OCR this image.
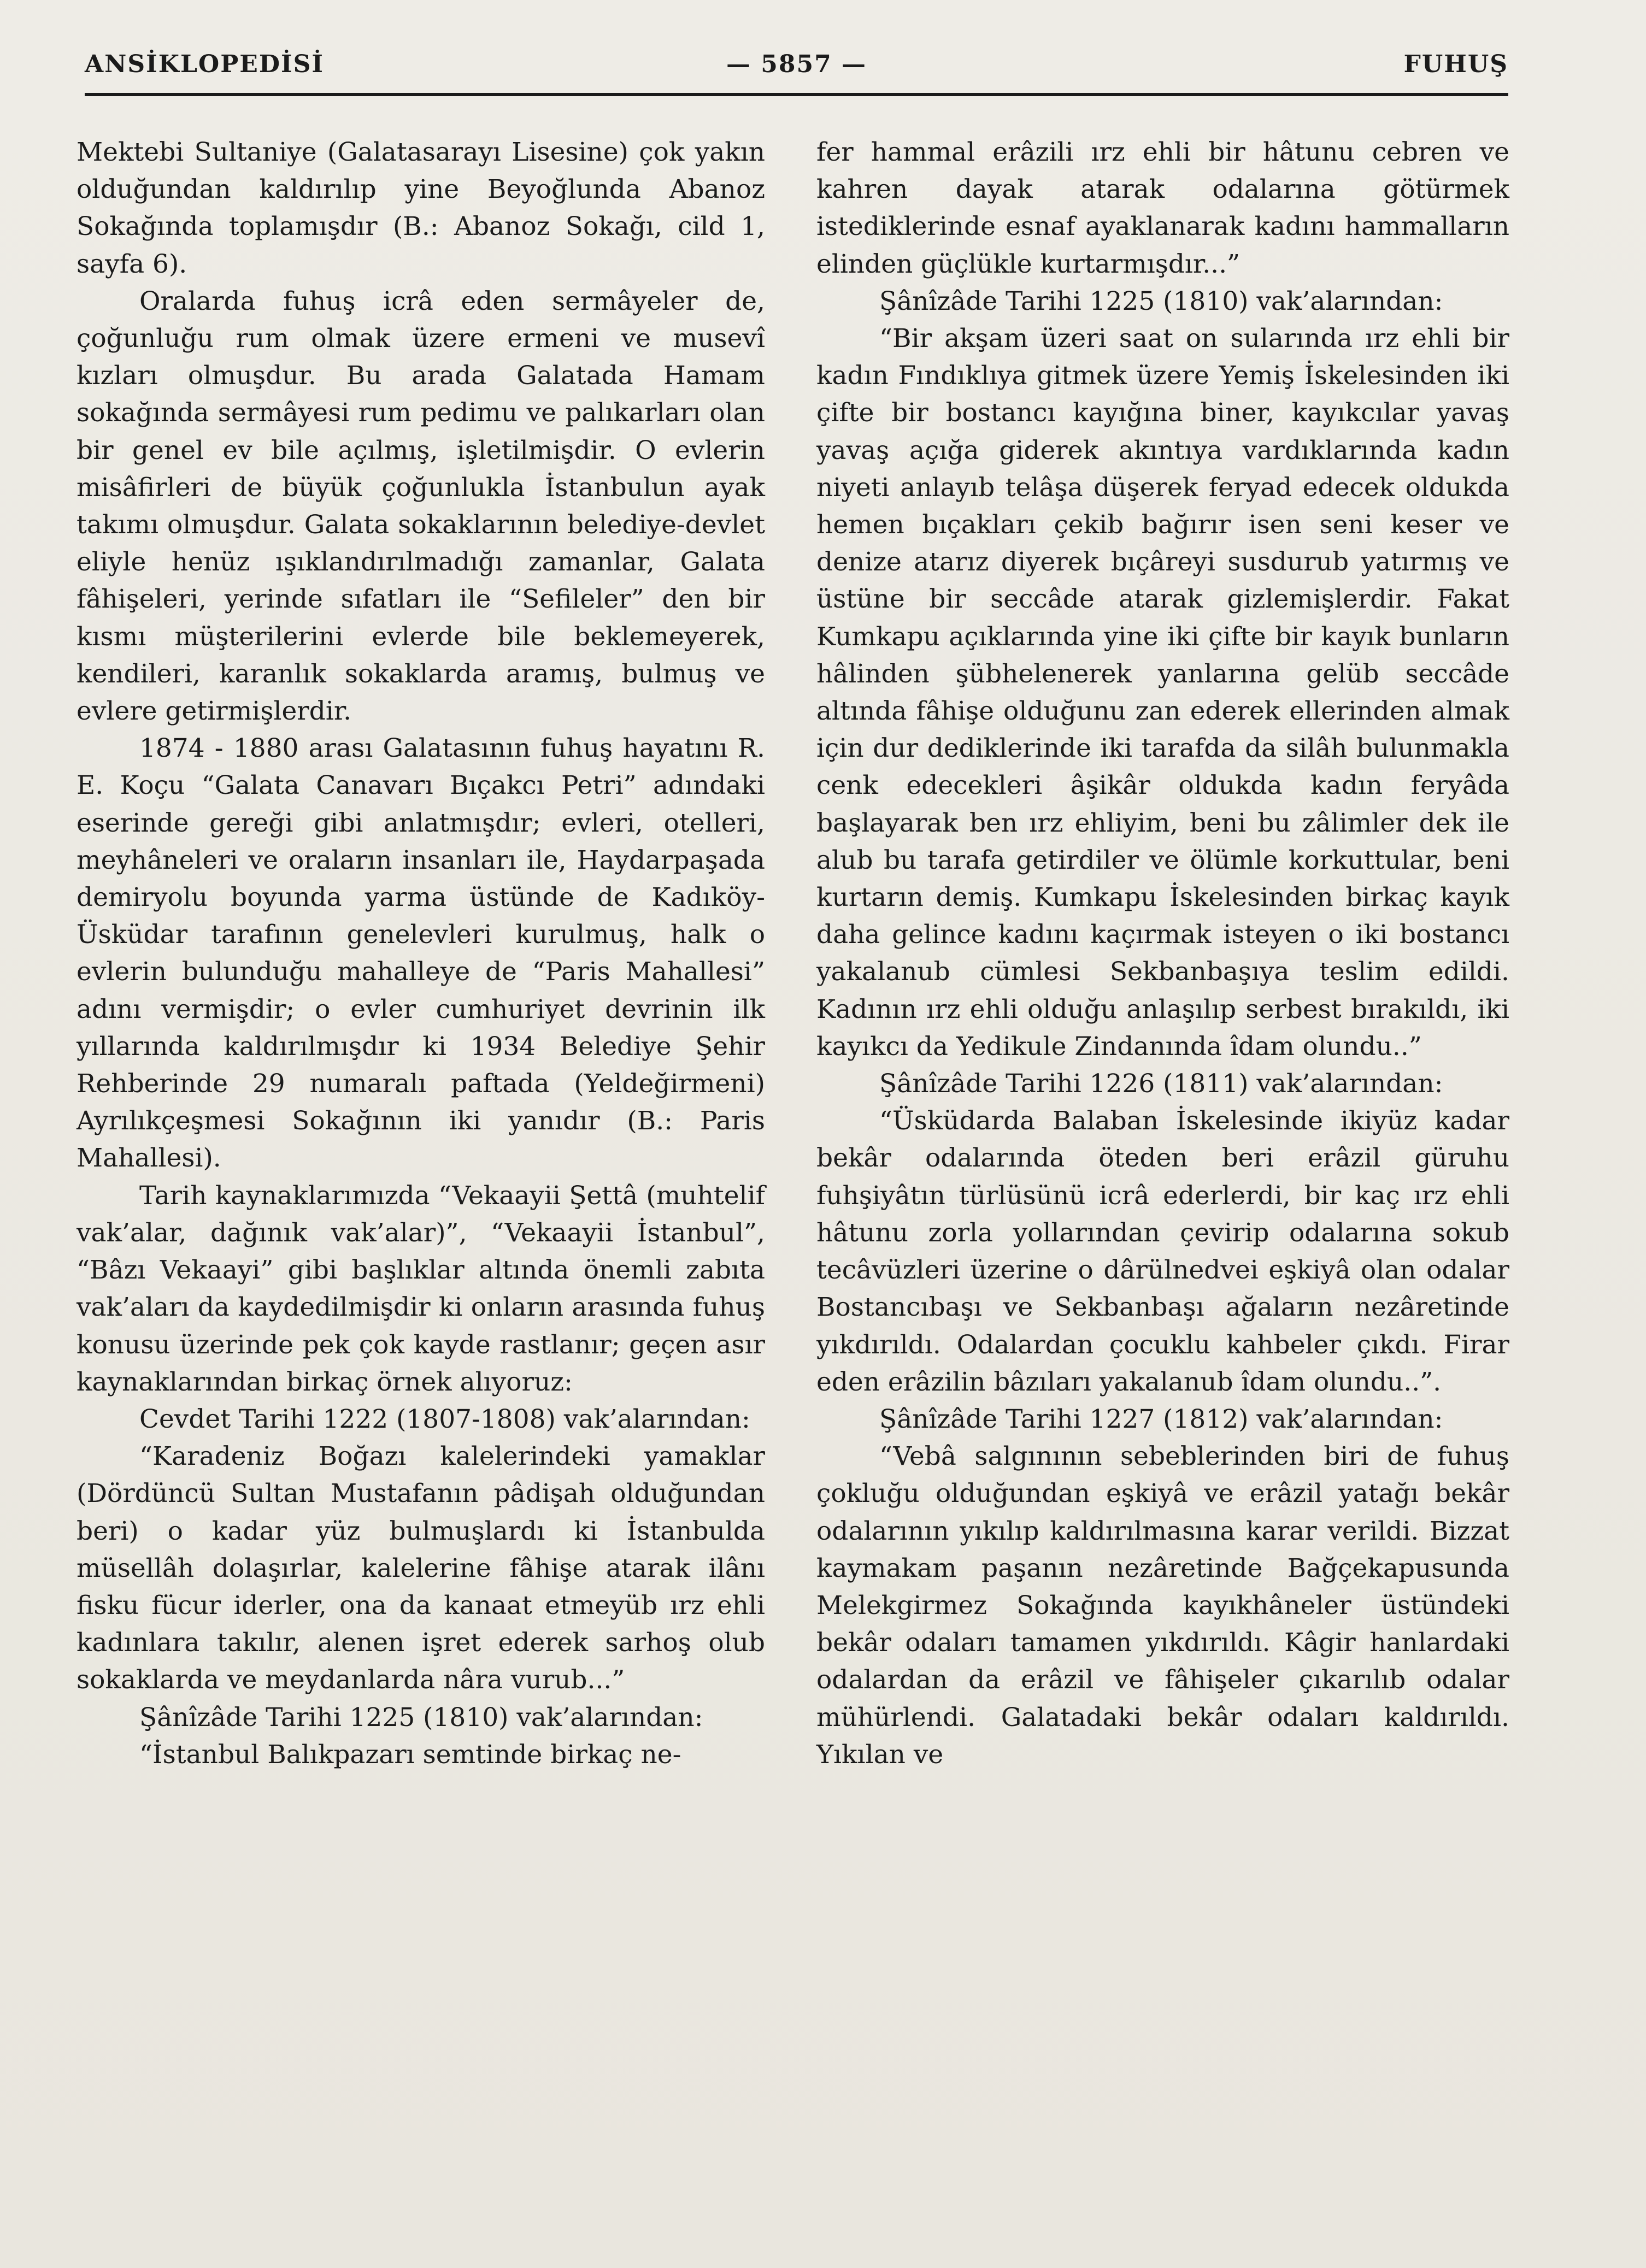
ANSİKLOPEDİSİ	— 5857 —	FUHUŞ

Mektebi Sultaniye (Galatasarayı Lisesine) çok yakın olduğundan kaldırılıp yine Beyoğlunda Abanoz Sokağında toplamışdır (B.: Abanoz Sokağı, cild 1, sayfa 6).

Oralarda fuhuş icrâ eden sermâyeler de, çoğunluğu rum olmak üzere ermeni ve musevî kızları olmuşdur. Bu arada Galatada Hamam sokağında sermâyesi rum pedimu ve palıkarları olan bir genel ev bile açılmış, işletilmişdir. O evlerin misâfirleri de büyük çoğunlukla İstanbulun ayak takımı olmuşdur. Galata sokaklarının belediye-devlet eliyle henüz ışıklandırılmadığı zamanlar, Galata fâhişeleri, yerinde sıfatları ile “Sefileler” den bir kısmı müşterilerini evlerde bile beklemeyerek, kendileri, karanlık sokaklarda aramış, bulmuş ve evlere getirmişlerdir.

1874 - 1880 arası Galatasının fuhuş hayatını R. E. Koçu “Galata Canavarı Bıçakcı Petri” adındaki eserinde gereği gibi anlatmışdır; evleri, otelleri, meyhâneleri ve oraların insanları ile, Haydarpaşada demiryolu boyunda yarma üstünde de Kadıköy-Üsküdar tarafının genelevleri kurulmuş, halk o evlerin bulunduğu mahalleye de “Paris Mahallesi” adını vermişdir; o evler cumhuriyet devrinin ilk yıllarında kaldırılmışdır ki 1934 Belediye Şehir Rehberinde 29 numaralı paftada (Yeldeğirmeni) Ayrılıkçeşmesi Sokağının iki yanıdır (B.: Paris Mahallesi).

Tarih kaynaklarımızda “Vekaayii Şettâ (muhtelif vak’alar, dağınık vak’alar)”, “Vekaayii İstanbul”, “Bâzı Vekaayi” gibi başlıklar altında önemli zabıta vak’aları da kaydedilmişdir ki onların arasında fuhuş konusu üzerinde pek çok kayde rastlanır; geçen asır kaynaklarından birkaç örnek alıyoruz:

Cevdet Tarihi 1222 (1807-1808) vak’alarından:

“Karadeniz Boğazı kalelerindeki yamaklar (Dördüncü Sultan Mustafanın pâdişah olduğundan beri) o kadar yüz bulmuşlardı ki İstanbulda müsellâh dolaşırlar, kalelerine fâhişe atarak ilânı fisku fücur iderler, ona da kanaat etmeyüb ırz ehli kadınlara takılır, alenen işret ederek sarhoş olub sokaklarda ve meydanlarda nâra vurub...”

Şânîzâde Tarihi 1225 (1810) vak’alarından:

“İstanbul Balıkpazarı semtinde birkaç ne-

fer hammal erâzili ırz ehli bir hâtunu cebren ve kahren dayak atarak odalarına götürmek istediklerinde esnaf ayaklanarak kadını hammalların elinden güçlükle kurtarmışdır...”

Şânîzâde Tarihi 1225 (1810) vak’alarından:

“Bir akşam üzeri saat on sularında ırz ehli bir kadın Fındıklıya gitmek üzere Yemiş İskelesinden iki çifte bir bostancı kayığına biner, kayıkcılar yavaş yavaş açığa giderek akıntıya vardıklarında kadın niyeti anlayıb telâşa düşerek feryad edecek oldukda hemen bıçakları çekib bağırır isen seni keser ve denize atarız diyerek bıçâreyi susdurub yatırmış ve üstüne bir seccâde atarak gizlemişlerdir. Fakat Kumkapu açıklarında yine iki çifte bir kayık bunların hâlinden şübhelenerek yanlarına gelüb seccâde altında fâhişe olduğunu zan ederek ellerinden almak için dur dediklerinde iki tarafda da silâh bulunmakla cenk edecekleri âşikâr oldukda kadın feryâda başlayarak ben ırz ehliyim, beni bu zâlimler dek ile alub bu tarafa getirdiler ve ölümle korkuttular, beni kurtarın demiş. Kumkapu İskelesinden birkaç kayık daha gelince kadını kaçırmak isteyen o iki bostancı yakalanub cümlesi Sekbanbaşıya teslim edildi. Kadının ırz ehli olduğu anlaşılıp serbest bırakıldı, iki kayıkcı da Yedikule Zindanında îdam olundu..”

Şânîzâde Tarihi 1226 (1811) vak’alarından:

“Üsküdarda Balaban İskelesinde ikiyüz kadar bekâr odalarında öteden beri erâzil güruhu fuhşiyâtın türlüsünü icrâ ederlerdi, bir kaç ırz ehli hâtunu zorla yollarından çevirip odalarına sokub tecâvüzleri üzerine o dârülnedvei eşkiyâ olan odalar Bostancıbaşı ve Sekbanbaşı ağaların nezâretinde yıkdırıldı. Odalardan çocuklu kahbeler çıkdı. Firar eden erâzilin bâzıları yakalanub îdam olundu..”.

Şânîzâde Tarihi 1227 (1812) vak’alarından:

“Vebâ salgınının sebeblerinden biri de fuhuş çokluğu olduğundan eşkiyâ ve erâzil yatağı bekâr odalarının yıkılıp kaldırılmasına karar verildi. Bizzat kaymakam paşanın nezâretinde Bağçekapusunda Melekgirmez Sokağında kayıkhâneler üstündeki bekâr odaları tamamen yıkdırıldı. Kâgir hanlardaki odalardan da erâzil ve fâhişeler çıkarılıb odalar mühürlendi. Galatadaki bekâr odaları kaldırıldı. Yıkılan ve
